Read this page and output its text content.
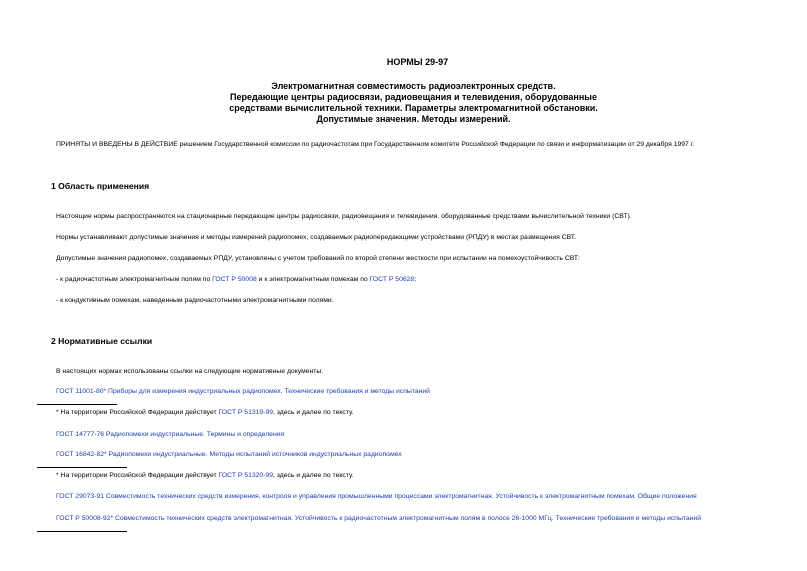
НОРМЫ 29-97
Электромагнитная совместимость радиоэлектронных средств.
Передающие центры радиосвязи, радиовещания и телевидения, оборудованные
средствами вычислительной техники. Параметры электромагнитной обстановки.
Допустимые значения. Методы измерений.
ПРИНЯТЫ И ВВЕДЕНЫ В ДЕЙСТВИЕ решением Государственной комиссии по радиочастотам при Государственном комитете Российской Федерации по связи и информатизации от 29 декабря 1997 г.
1 Область применения
Настоящие нормы распространяются на стационарные передающие центры радиосвязи, радиовещания и телевидения, оборудованные средствами вычислительной техники (СВТ).
Нормы устанавливают допустимые значения и методы измерений радиопомех, создаваемых радиопередающими устройствами (РПДУ) в местах размещения СВТ.
Допустимые значения радиопомех, создаваемых РПДУ, установлены с учетом требований по второй степени жесткости при испытании на помехоустойчивость СВТ:
- к радиочастотным электромагнитным полям по ГОСТ Р 50008 и к электромагнитным помехам по ГОСТ Р 50628;
- к кондуктивным помехам, наведенным радиочастотными электромагнитными полями.
2 Нормативные ссылки
В настоящих нормах использованы ссылки на следующие нормативные документы:
ГОСТ 11001-80* Приборы для измерения индустриальных радиопомех. Технические требования и методы испытаний
* На территории Российской Федерации действует ГОСТ Р 51319-99, здесь и далее по тексту.
ГОСТ 14777-76 Радиопомехи индустриальные. Термины и определения
ГОСТ 16842-82* Радиопомехи индустриальные. Методы испытаний источников индустриальных радиопомех
* На территории Российской Федерации действует ГОСТ Р 51320-99, здесь и далее по тексту.
ГОСТ 29073-91 Совместимость технических средств измерения, контроля и управления промышленными процессами электромагнитная. Устойчивость к электромагнитным помехам. Общие положения
ГОСТ Р 50008-92* Совместимость технических средств электромагнитная. Устойчивость к радиочастотным электромагнитным полям в полосе 26-1000 МГц. Технические требования и методы испытаний
